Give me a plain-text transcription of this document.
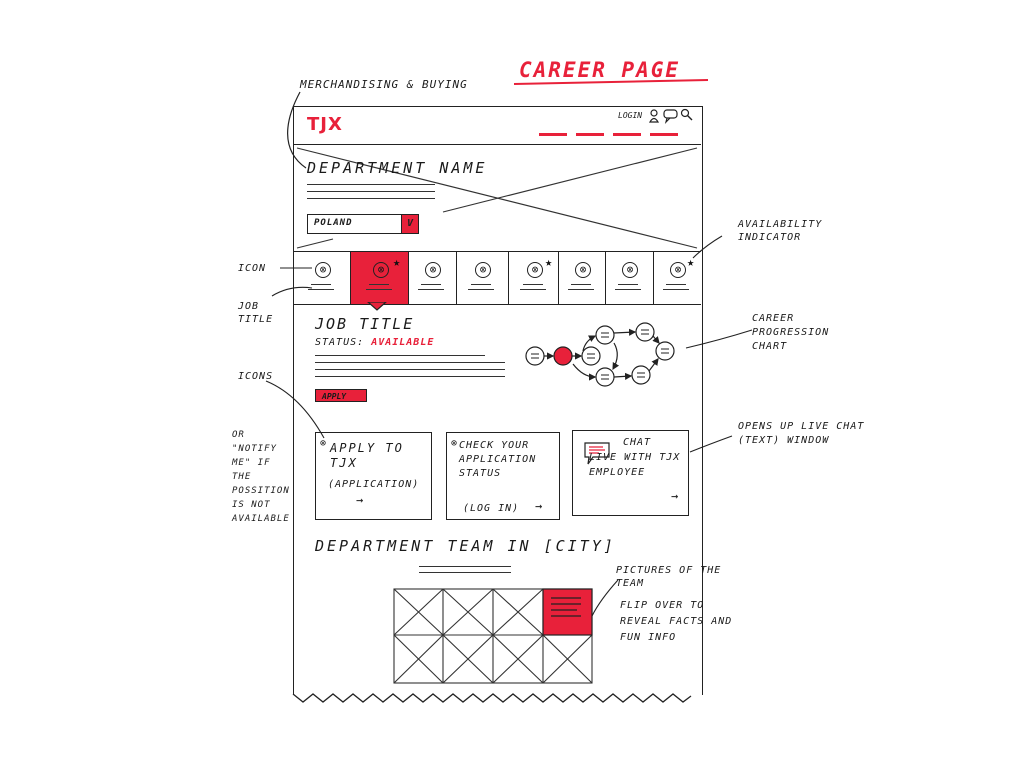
CAREER PAGE
MERCHANDISING & BUYING
TJX	LOGIN
DEPARTMENT NAME
POLAND	V
⊗	⊗
★
⊗	⊗	⊗
★
⊗	⊗	⊗
★
JOB TITLE
STATUS: AVAILABLE
APPLY
⊗ APPLY TO TJX
(APPLICATION)
→
⊗ CHECK YOUR APPLICATION STATUS
(LOG IN) →
CHAT LIVE WITH TJX EMPLOYEE
→
DEPARTMENT TEAM IN [CITY]
ICON
JOB TITLE
ICONS
OR "NOTIFY ME" IF THE POSSITION IS NOT AVAILABLE
AVAILABILITY INDICATOR
CAREER PROGRESSION CHART
OPENS UP LIVE CHAT (TEXT) WINDOW
PICTURES OF THE TEAM
FLIP OVER TO REVEAL FACTS AND FUN INFO
